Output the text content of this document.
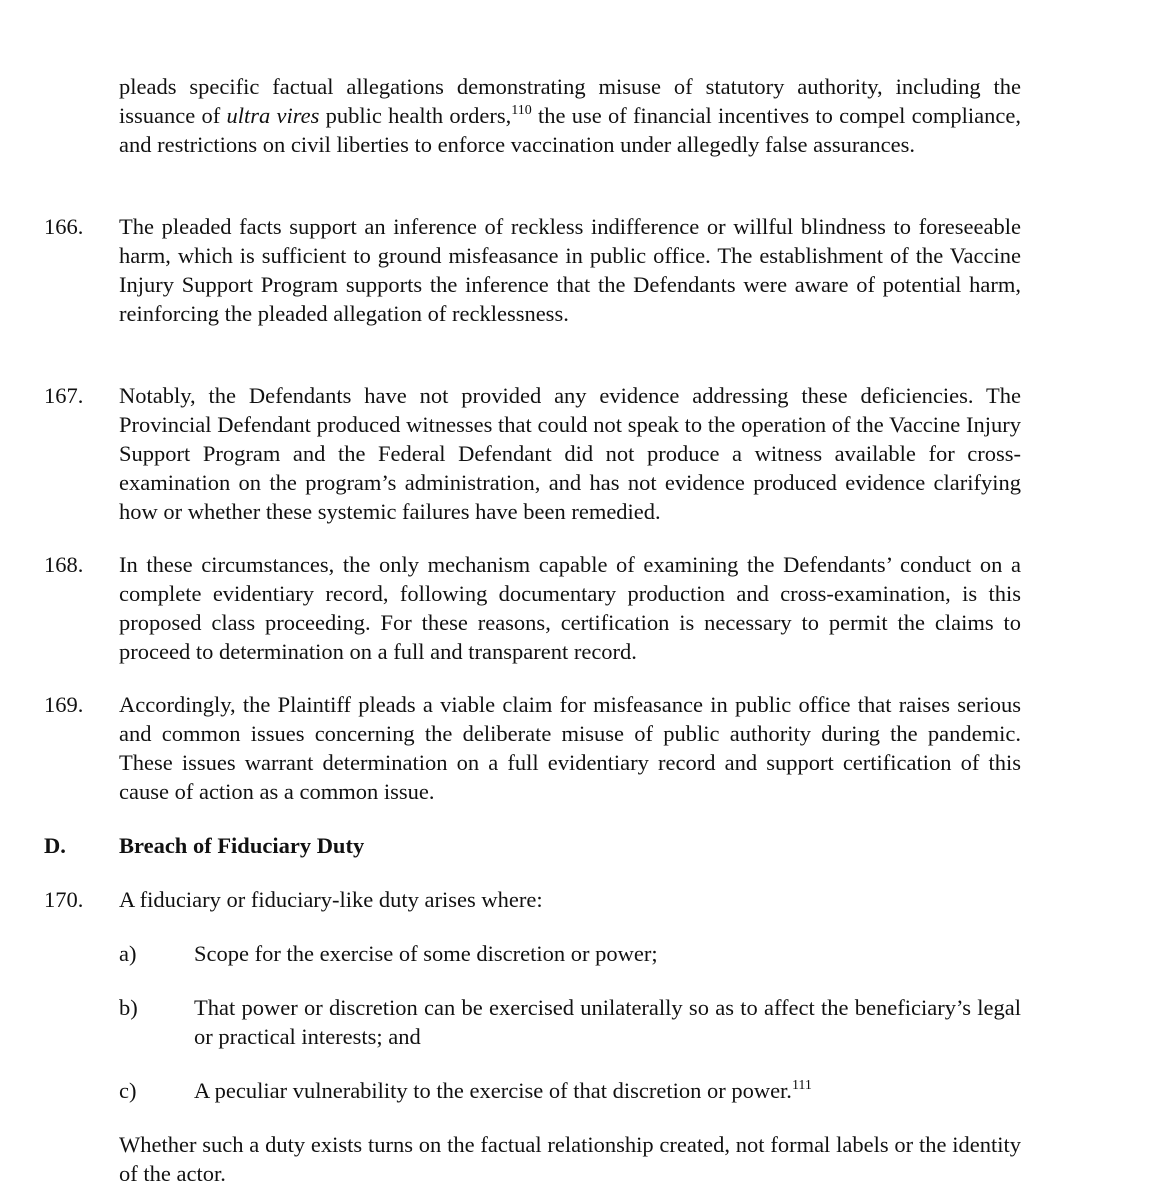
pleads specific factual allegations demonstrating misuse of statutory authority, including the issuance of ultra vires public health orders,$^{110}$ the use of financial incentives to compel compliance, and restrictions on civil liberties to enforce vaccination under allegedly false assurances.
166.	The pleaded facts support an inference of reckless indifference or willful blindness to foreseeable harm, which is sufficient to ground misfeasance in public office. The establishment of the Vaccine Injury Support Program supports the inference that the Defendants were aware of potential harm, reinforcing the pleaded allegation of recklessness.
167.	Notably, the Defendants have not provided any evidence addressing these deficiencies. The Provincial Defendant produced witnesses that could not speak to the operation of the Vaccine Injury Support Program and the Federal Defendant did not produce a witness available for cross-examination on the program’s administration, and has not evidence produced evidence clarifying how or whether these systemic failures have been remedied.
168.	In these circumstances, the only mechanism capable of examining the Defendants’ conduct on a complete evidentiary record, following documentary production and cross-examination, is this proposed class proceeding. For these reasons, certification is necessary to permit the claims to proceed to determination on a full and transparent record.
169.	Accordingly, the Plaintiff pleads a viable claim for misfeasance in public office that raises serious and common issues concerning the deliberate misuse of public authority during the pandemic. These issues warrant determination on a full evidentiary record and support certification of this cause of action as a common issue.
D. Breach of Fiduciary Duty
170.	A fiduciary or fiduciary-like duty arises where:
a)	Scope for the exercise of some discretion or power;
b)	That power or discretion can be exercised unilaterally so as to affect the beneficiary’s legal or practical interests; and
c)	A peculiar vulnerability to the exercise of that discretion or power.$^{111}$
Whether such a duty exists turns on the factual relationship created, not formal labels or the identity of the actor.
